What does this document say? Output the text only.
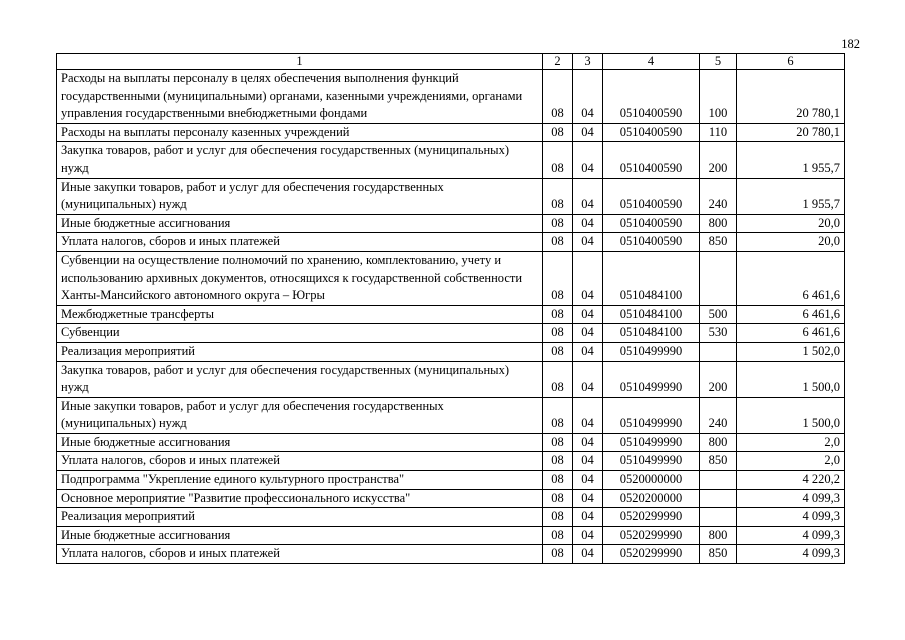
182
1	2	3	4	5	6
Расходы на выплаты персоналу в целях обеспечения выполнения функций государственными (муниципальными) органами, казенными учреждениями, органами управления государственными внебюджетными фондами	08	04	0510400590	100	20 780,1
Расходы на выплаты персоналу казенных учреждений	08	04	0510400590	110	20 780,1
Закупка товаров, работ и услуг для обеспечения государственных (муниципальных) нужд	08	04	0510400590	200	1 955,7
Иные закупки товаров, работ и услуг для обеспечения государственных (муниципальных) нужд	08	04	0510400590	240	1 955,7
Иные бюджетные ассигнования	08	04	0510400590	800	20,0
Уплата налогов, сборов и иных платежей	08	04	0510400590	850	20,0
Субвенции на осуществление полномочий по хранению, комплектованию, учету и использованию архивных документов, относящихся к государственной собственности Ханты-Мансийского автономного округа – Югры	08	04	0510484100		6 461,6
Межбюджетные трансферты	08	04	0510484100	500	6 461,6
Субвенции	08	04	0510484100	530	6 461,6
Реализация мероприятий	08	04	0510499990		1 502,0
Закупка товаров, работ и услуг для обеспечения государственных (муниципальных) нужд	08	04	0510499990	200	1 500,0
Иные закупки товаров, работ и услуг для обеспечения государственных (муниципальных) нужд	08	04	0510499990	240	1 500,0
Иные бюджетные ассигнования	08	04	0510499990	800	2,0
Уплата налогов, сборов и иных платежей	08	04	0510499990	850	2,0
Подпрограмма "Укрепление единого культурного пространства"	08	04	0520000000		4 220,2
Основное мероприятие "Развитие профессионального искусства"	08	04	0520200000		4 099,3
Реализация мероприятий	08	04	0520299990		4 099,3
Иные бюджетные ассигнования	08	04	0520299990	800	4 099,3
Уплата налогов, сборов и иных платежей	08	04	0520299990	850	4 099,3
